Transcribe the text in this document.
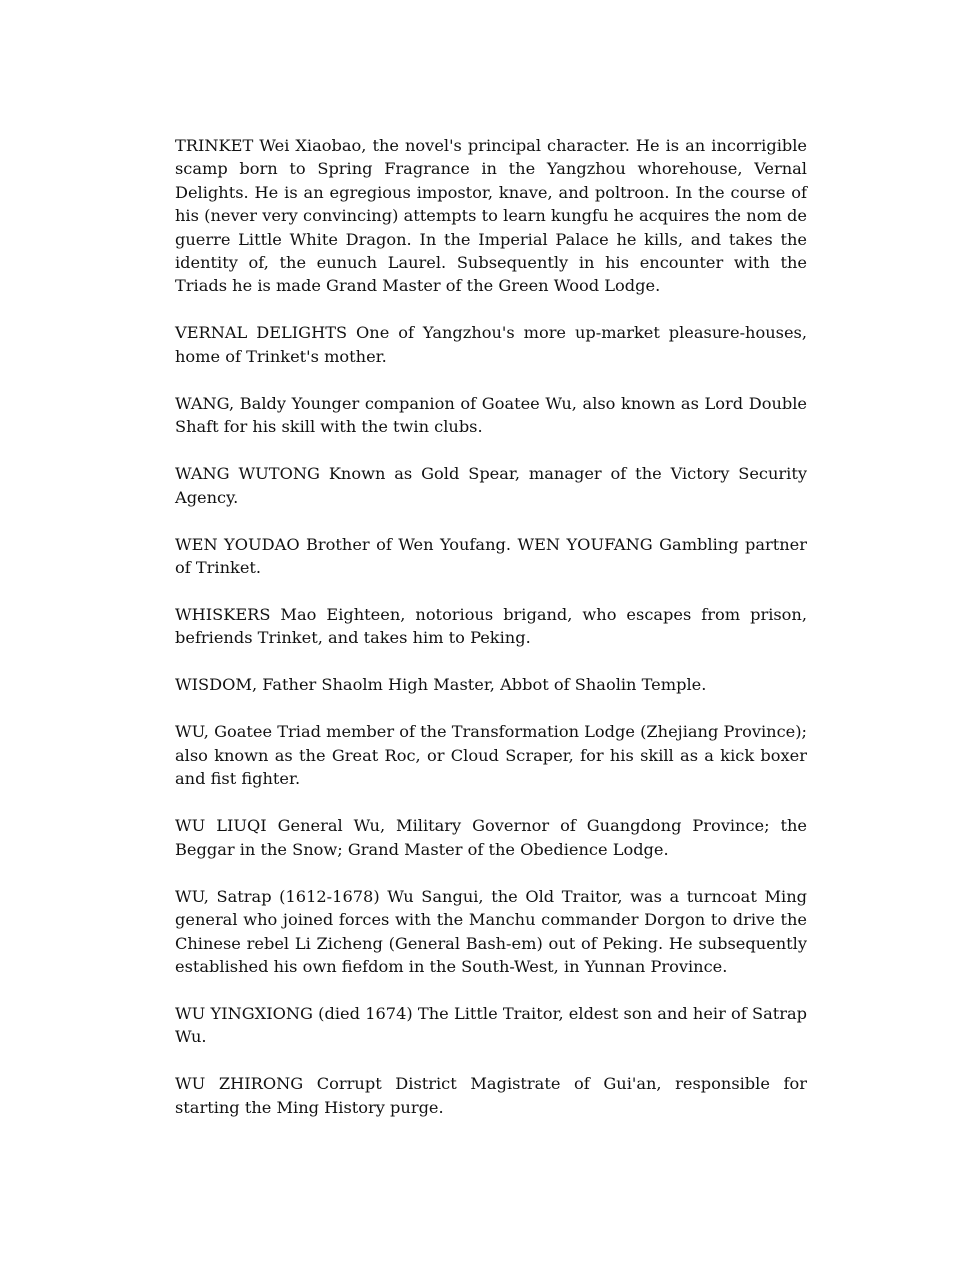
TRINKET Wei Xiaobao, the novel's principal character. He is an incorrigible scamp born to Spring Fragrance in the Yangzhou whorehouse, Vernal Delights. He is an egregious impostor, knave, and poltroon. In the course of his (never very convincing) attempts to learn kungfu he acquires the nom de guerre Little White Dragon. In the Imperial Palace he kills, and takes the identity of, the eunuch Laurel. Subsequently in his encounter with the Triads he is made Grand Master of the Green Wood Lodge.

VERNAL DELIGHTS One of Yangzhou's more up-market pleasure-houses, home of Trinket's mother.

WANG, Baldy Younger companion of Goatee Wu, also known as Lord Double Shaft for his skill with the twin clubs.

WANG WUTONG Known as Gold Spear, manager of the Victory Security Agency.

WEN YOUDAO Brother of Wen Youfang. WEN YOUFANG Gambling partner of Trinket.

WHISKERS Mao Eighteen, notorious brigand, who escapes from prison, befriends Trinket, and takes him to Peking.

WISDOM, Father Shaolm High Master, Abbot of Shaolin Temple.

WU, Goatee Triad member of the Transformation Lodge (Zhejiang Province); also known as the Great Roc, or Cloud Scraper, for his skill as a kick boxer and fist fighter.

WU LIUQI General Wu, Military Governor of Guangdong Province; the Beggar in the Snow; Grand Master of the Obedience Lodge.

WU, Satrap (1612-1678) Wu Sangui, the Old Traitor, was a turncoat Ming general who joined forces with the Manchu commander Dorgon to drive the Chinese rebel Li Zicheng (General Bash-em) out of Peking. He subsequently established his own fiefdom in the South-West, in Yunnan Province.

WU YINGXIONG (died 1674) The Little Traitor, eldest son and heir of Satrap Wu.

WU ZHIRONG Corrupt District Magistrate of Gui'an, responsible for starting the Ming History purge.
